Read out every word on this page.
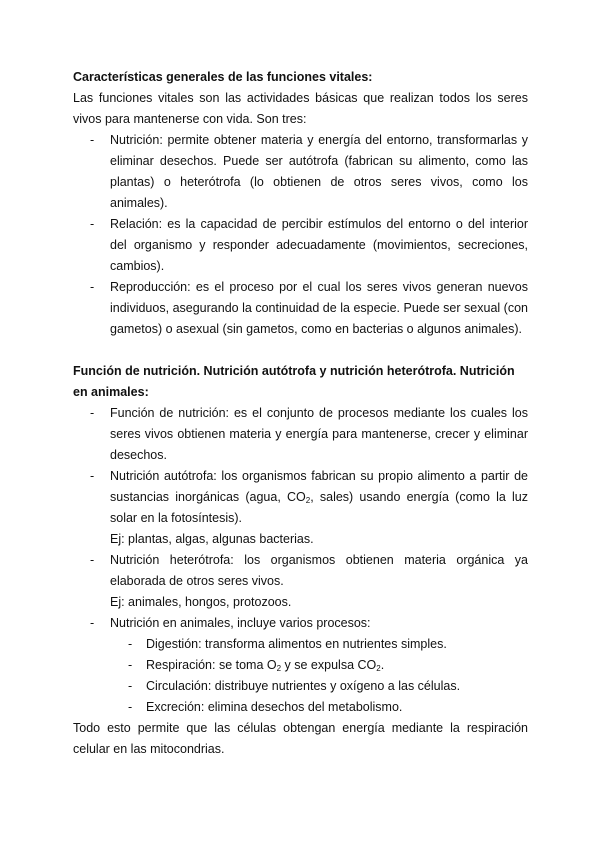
Características generales de las funciones vitales:

Las funciones vitales son las actividades básicas que realizan todos los seres vivos para mantenerse con vida. Son tres:

- Nutrición: permite obtener materia y energía del entorno, transformarlas y eliminar desechos. Puede ser autótrofa (fabrican su alimento, como las plantas) o heterótrofa (lo obtienen de otros seres vivos, como los animales).
- Relación: es la capacidad de percibir estímulos del entorno o del interior del organismo y responder adecuadamente (movimientos, secreciones, cambios).
- Reproducción: es el proceso por el cual los seres vivos generan nuevos individuos, asegurando la continuidad de la especie. Puede ser sexual (con gametos) o asexual (sin gametos, como en bacterias o algunos animales).

Función de nutrición. Nutrición autótrofa y nutrición heterótrofa. Nutrición en animales:

- Función de nutrición: es el conjunto de procesos mediante los cuales los seres vivos obtienen materia y energía para mantenerse, crecer y eliminar desechos.
- Nutrición autótrofa: los organismos fabrican su propio alimento a partir de sustancias inorgánicas (agua, $CO_2$, sales) usando energía (como la luz solar en la fotosíntesis).
Ej: plantas, algas, algunas bacterias.
- Nutrición heterótrofa: los organismos obtienen materia orgánica ya elaborada de otros seres vivos.
Ej: animales, hongos, protozoos.
- Nutrición en animales, incluye varios procesos:
- Digestión: transforma alimentos en nutrientes simples.
- Respiración: se toma $O_2$ y se expulsa $CO_2$.
- Circulación: distribuye nutrientes y oxígeno a las células.
- Excreción: elimina desechos del metabolismo.

Todo esto permite que las células obtengan energía mediante la respiración celular en las mitocondrias.
